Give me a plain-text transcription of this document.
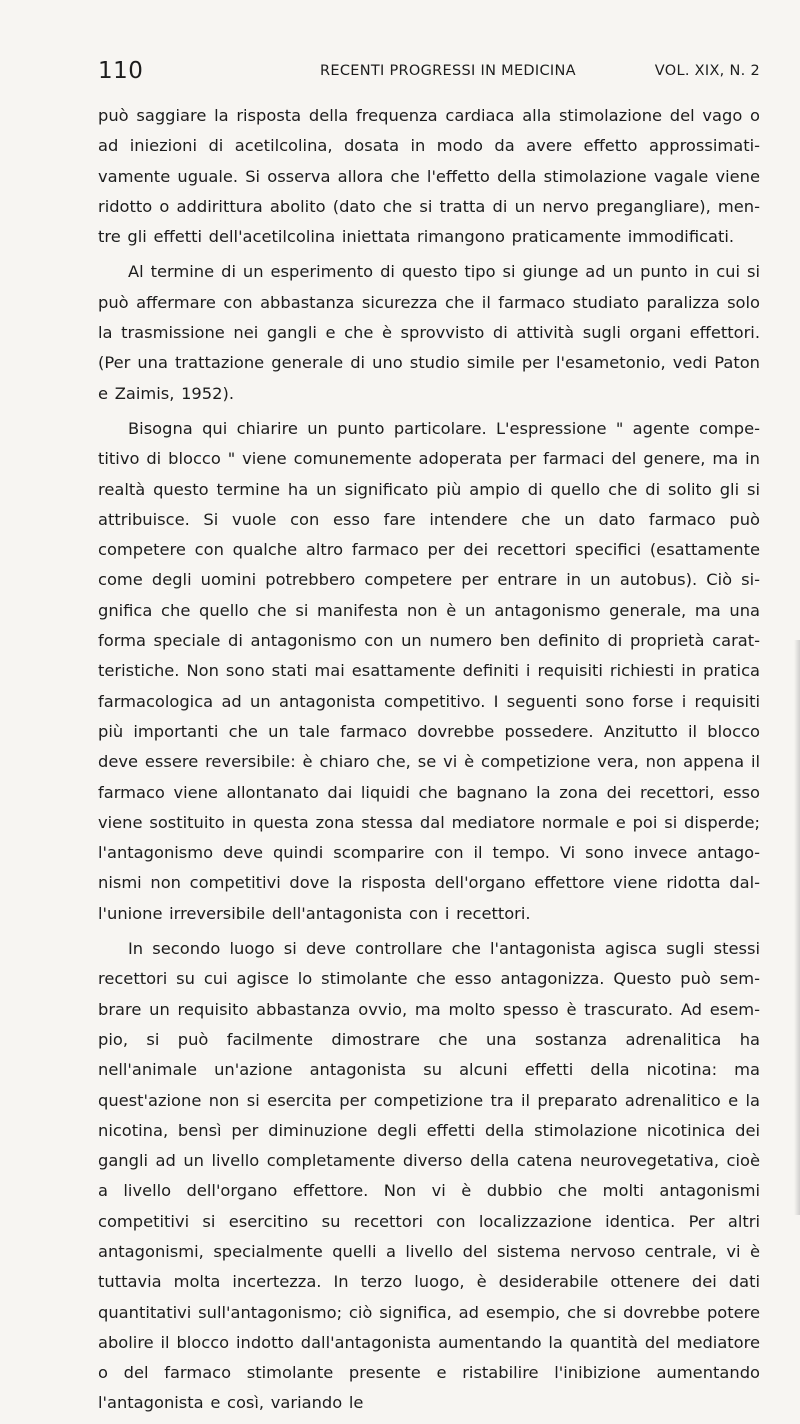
110	RECENTI PROGRESSI IN MEDICINA	VOL. XIX, N. 2

può saggiare la risposta della frequenza cardiaca alla stimolazione del vago o ad iniezioni di acetilcolina, dosata in modo da avere effetto approssimativamente uguale. Si osserva allora che l'effetto della stimolazione vagale viene ridotto o addirittura abolito (dato che si tratta di un nervo pregangliare), mentre gli effetti dell'acetilcolina iniettata rimangono praticamente immodificati.

Al termine di un esperimento di questo tipo si giunge ad un punto in cui si può affermare con abbastanza sicurezza che il farmaco studiato paralizza solo la trasmissione nei gangli e che è sprovvisto di attività sugli organi effettori. (Per una trattazione generale di uno studio simile per l'esametonio, vedi Paton e Zaimis, 1952).

Bisogna qui chiarire un punto particolare. L'espressione " agente competitivo di blocco " viene comunemente adoperata per farmaci del genere, ma in realtà questo termine ha un significato più ampio di quello che di solito gli si attribuisce. Si vuole con esso fare intendere che un dato farmaco può competere con qualche altro farmaco per dei recettori specifici (esattamente come degli uomini potrebbero competere per entrare in un autobus). Ciò significa che quello che si manifesta non è un antagonismo generale, ma una forma speciale di antagonismo con un numero ben definito di proprietà caratteristiche. Non sono stati mai esattamente definiti i requisiti richiesti in pratica farmacologica ad un antagonista competitivo. I seguenti sono forse i requisiti più importanti che un tale farmaco dovrebbe possedere. Anzitutto il blocco deve essere reversibile: è chiaro che, se vi è competizione vera, non appena il farmaco viene allontanato dai liquidi che bagnano la zona dei recettori, esso viene sostituito in questa zona stessa dal mediatore normale e poi si disperde; l'antagonismo deve quindi scomparire con il tempo. Vi sono invece antagonismi non competitivi dove la risposta dell'organo effettore viene ridotta dall'unione irreversibile dell'antagonista con i recettori.

In secondo luogo si deve controllare che l'antagonista agisca sugli stessi recettori su cui agisce lo stimolante che esso antagonizza. Questo può sembrare un requisito abbastanza ovvio, ma molto spesso è trascurato. Ad esempio, si può facilmente dimostrare che una sostanza adrenalitica ha nell'animale un'azione antagonista su alcuni effetti della nicotina: ma quest'azione non si esercita per competizione tra il preparato adrenalitico e la nicotina, bensì per diminuzione degli effetti della stimolazione nicotinica dei gangli ad un livello completamente diverso della catena neurovegetativa, cioè a livello dell'organo effettore. Non vi è dubbio che molti antagonismi competitivi si esercitino su recettori con localizzazione identica. Per altri antagonismi, specialmente quelli a livello del sistema nervoso centrale, vi è tuttavia molta incertezza. In terzo luogo, è desiderabile ottenere dei dati quantitativi sull'antagonismo; ciò significa, ad esempio, che si dovrebbe potere abolire il blocco indotto dall'antagonista aumentando la quantità del mediatore o del farmaco stimolante presente e ristabilire l'inibizione aumentando l'antagonista e così, variando le
